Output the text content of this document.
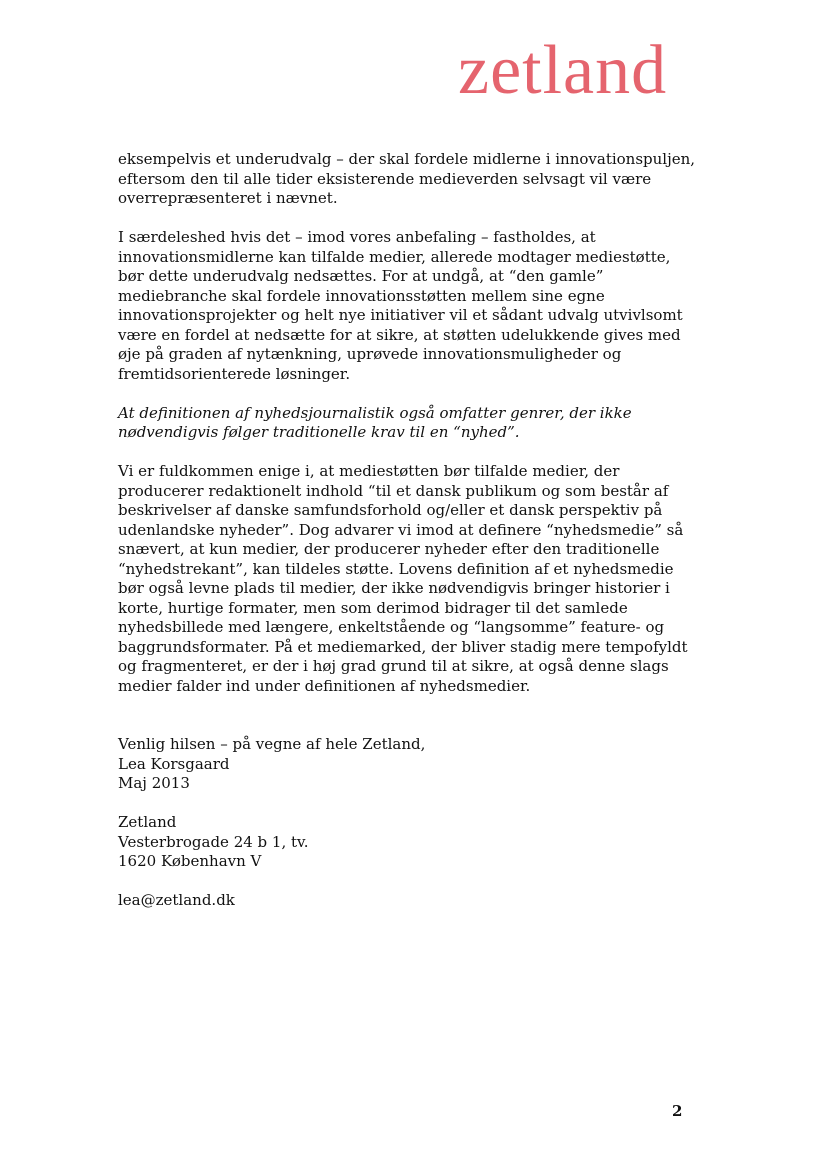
zetland

eksempelvis et underudvalg – der skal fordele midlerne i innovationspuljen, eftersom den til alle tider eksisterende medieverden selvsagt vil være overrepræsenteret i nævnet.

I særdeleshed hvis det – imod vores anbefaling – fastholdes, at innovationsmidlerne kan tilfalde medier, allerede modtager mediestøtte, bør dette underudvalg nedsættes. For at undgå, at “den gamle” mediebranche skal fordele innovationsstøtten mellem sine egne innovationsprojekter og helt nye initiativer vil et sådant udvalg utvivlsomt være en fordel at nedsætte for at sikre, at støtten udelukkende gives med øje på graden af nytænkning, uprøvede innovationsmuligheder og fremtidsorienterede løsninger.

At definitionen af nyhedsjournalistik også omfatter genrer, der ikke nødvendigvis følger traditionelle krav til en “nyhed”.

Vi er fuldkommen enige i, at mediestøtten bør tilfalde medier, der producerer redaktionelt indhold “til et dansk publikum og som består af beskrivelser af danske samfundsforhold og/eller et dansk perspektiv på udenlandske nyheder”. Dog advarer vi imod at definere “nyhedsmedie” så snævert, at kun medier, der producerer nyheder efter den traditionelle “nyhedstrekant”, kan tildeles støtte. Lovens definition af et nyhedsmedie bør også levne plads til medier, der ikke nødvendigvis bringer historier i korte, hurtige formater, men som derimod bidrager til det samlede nyhedsbillede med længere, enkeltstående og “langsomme” feature- og baggrundsformater. På et mediemarked, der bliver stadig mere tempofyldt og fragmenteret, er der i høj grad grund til at sikre, at også denne slags medier falder ind under definitionen af nyhedsmedier.

Venlig hilsen – på vegne af hele Zetland,
Lea Korsgaard
Maj 2013

Zetland
Vesterbrogade 24 b 1, tv.
1620 København V

lea@zetland.dk

2
